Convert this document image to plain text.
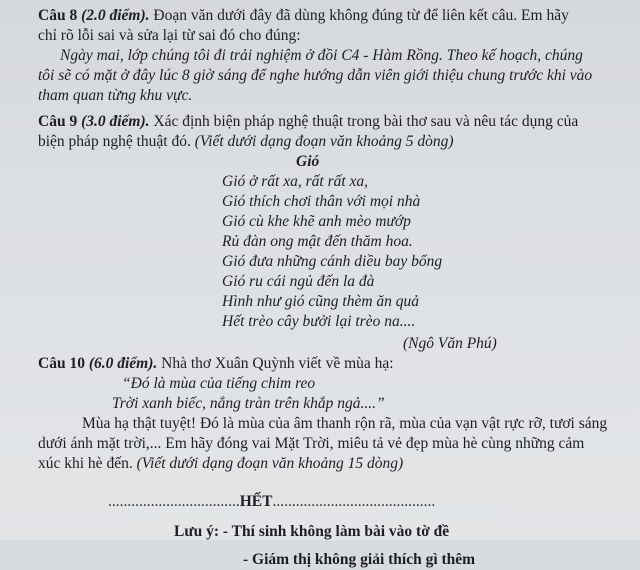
Câu 8 (2.0 điểm). Đoạn văn dưới đây đã dùng không đúng từ để liên kết câu. Em hãy

chỉ rõ lỗi sai và sửa lại từ sai đó cho đúng:

Ngày mai, lớp chúng tôi đi trải nghiệm ở đồi C4 - Hàm Rồng. Theo kế hoạch, chúng

tôi sẽ có mặt ở đây lúc 8 giờ sáng để nghe hướng dẫn viên giới thiệu chung trước khi vào

tham quan từng khu vực.

Câu 9 (3.0 điểm). Xác định biện pháp nghệ thuật trong bài thơ sau và nêu tác dụng của

biện pháp nghệ thuật đó. (Viết dưới dạng đoạn văn khoảng 5 dòng)

Gió

Gió ở rất xa, rất rất xa,

Gió thích chơi thân với mọi nhà

Gió cù khe khẽ anh mèo mướp

Rủ đàn ong mật đến thăm hoa.

Gió đưa những cánh diều bay bổng

Gió ru cái ngủ đến la đà

Hình như gió cũng thèm ăn quả

Hết trèo cây bưởi lại trèo na....

(Ngô Văn Phú)

Câu 10 (6.0 điểm). Nhà thơ Xuân Quỳnh viết về mùa hạ:

“Đó là mùa của tiếng chim reo

Trời xanh biếc, nắng tràn trên khắp ngả....”

Mùa hạ thật tuyệt! Đó là mùa của âm thanh rộn rã, mùa của vạn vật rực rỡ, tươi sáng

dưới ánh mặt trời,... Em hãy đóng vai Mặt Trời, miêu tả vẻ đẹp mùa hè cùng những cảm

xúc khi hè đến. (Viết dưới dạng đoạn văn khoảng 15 dòng)

..................................HẾT..........................................

Lưu ý: - Thí sinh không làm bài vào tờ đề

- Giám thị không giải thích gì thêm
